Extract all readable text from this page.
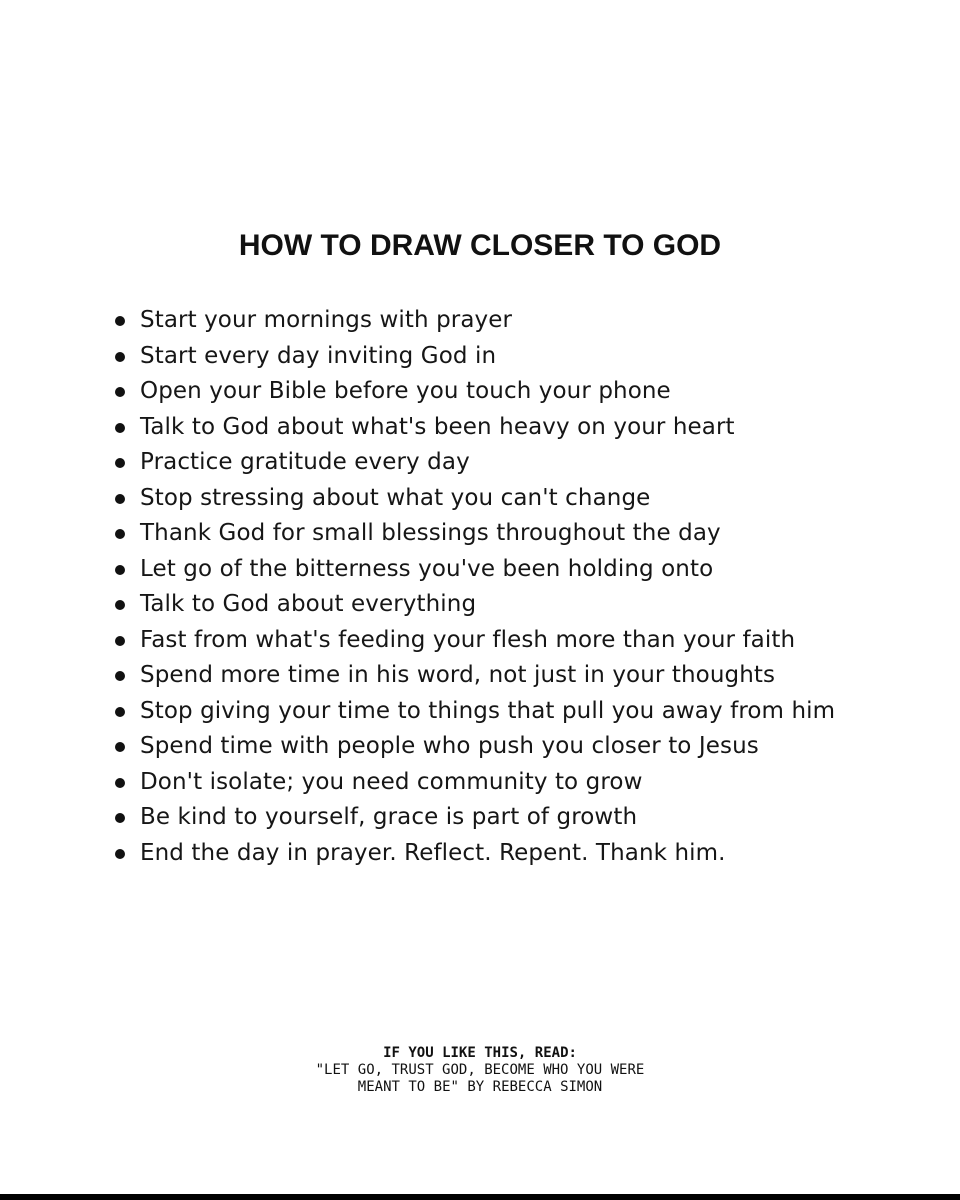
HOW TO DRAW CLOSER TO GOD
Start your mornings with prayer
Start every day inviting God in
Open your Bible before you touch your phone
Talk to God about what's been heavy on your heart
Practice gratitude every day
Stop stressing about what you can't change
Thank God for small blessings throughout the day
Let go of the bitterness you've been holding onto
Talk to God about everything
Fast from what's feeding your flesh more than your faith
Spend more time in his word, not just in your thoughts
Stop giving your time to things that pull you away from him
Spend time with people who push you closer to Jesus
Don't isolate; you need community to grow
Be kind to yourself, grace is part of growth
End the day in prayer. Reflect. Repent. Thank him.
IF YOU LIKE THIS, READ:
"LET GO, TRUST GOD, BECOME WHO YOU WERE
MEANT TO BE" BY REBECCA SIMON
